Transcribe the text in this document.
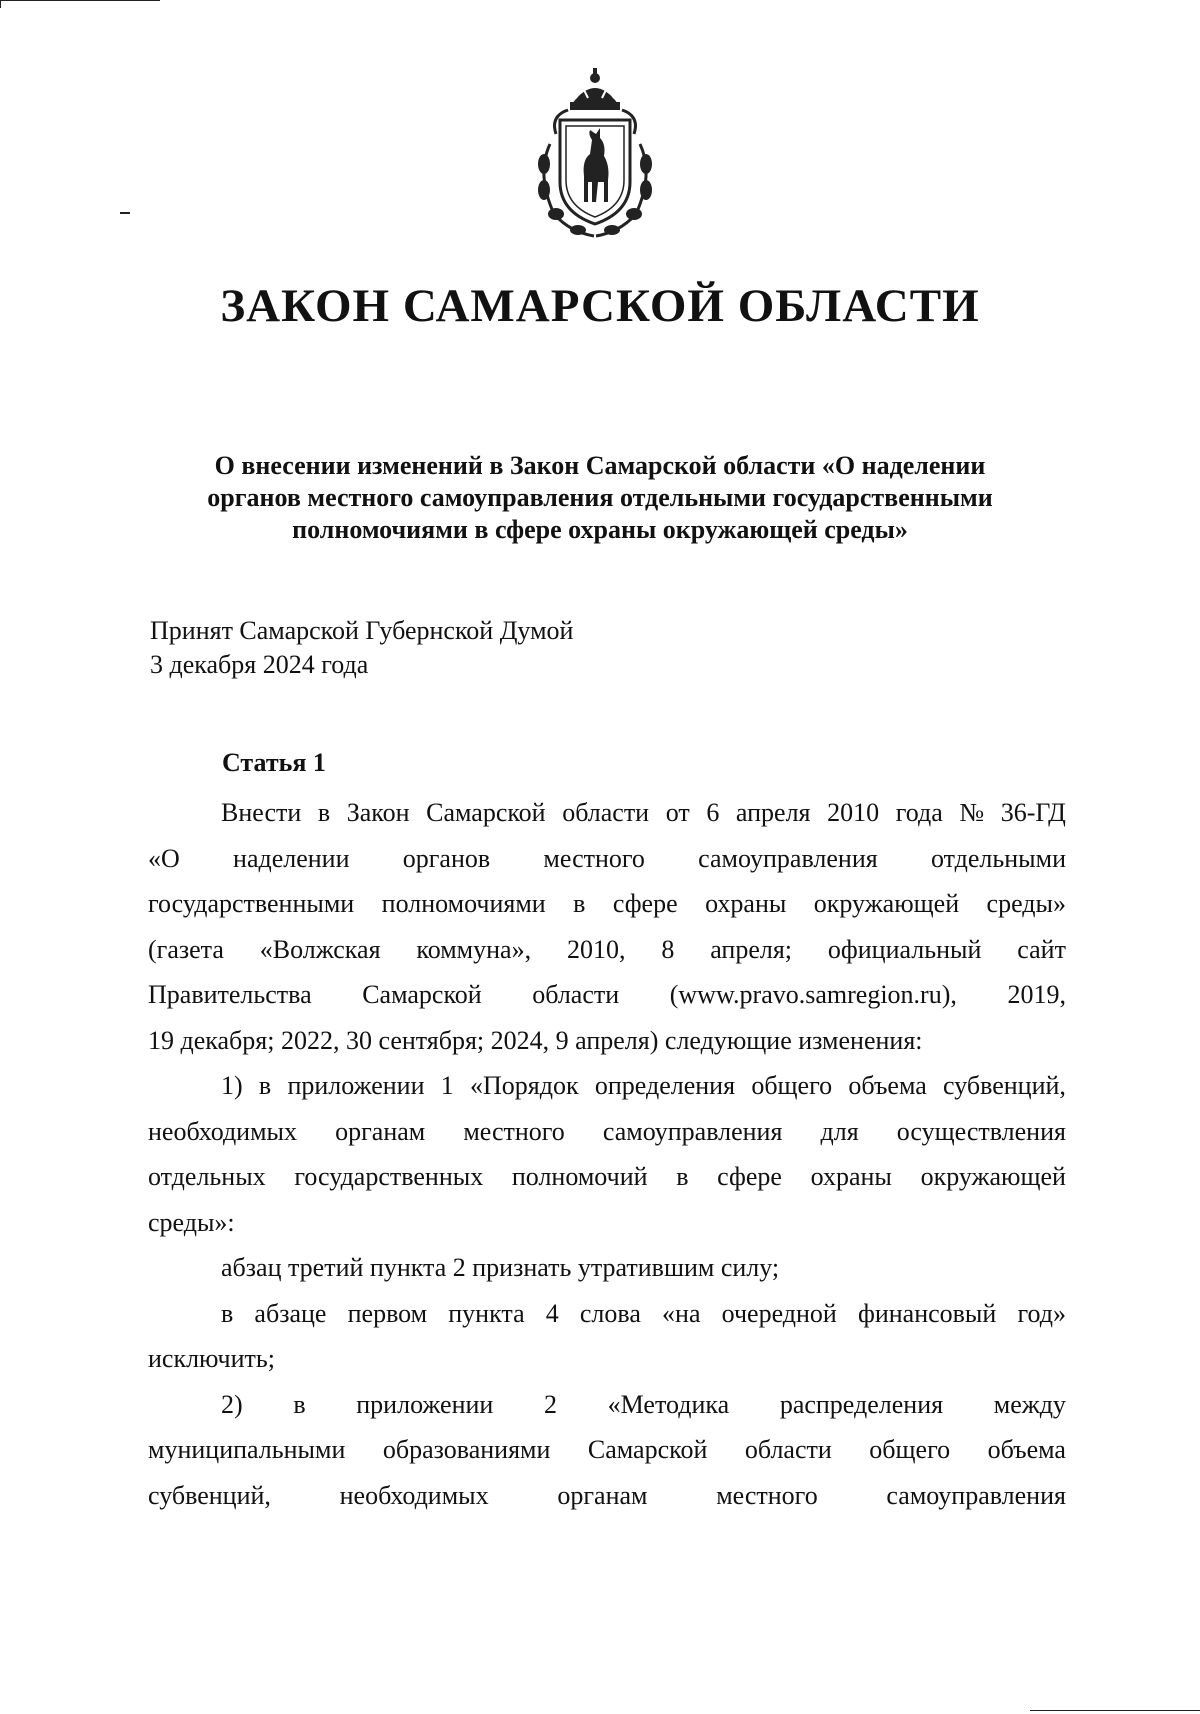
ЗАКОН САМАРСКОЙ ОБЛАСТИ
О внесении изменений в Закон Самарской области «О наделении
органов местного самоуправления отдельными государственными
полномочиями в сфере охраны окружающей среды»
Принят Самарской Губернской Думой
3 декабря 2024 года
Статья 1
Внести в Закон Самарской области от 6 апреля 2010 года № 36-ГД
«О наделении органов местного самоуправления отдельными
государственными полномочиями в сфере охраны окружающей среды»
(газета «Волжская коммуна», 2010, 8 апреля; официальный сайт
Правительства Самарской области (www.pravo.samregion.ru), 2019,
19 декабря; 2022, 30 сентября; 2024, 9 апреля) следующие изменения:
1) в приложении 1 «Порядок определения общего объема субвенций,
необходимых органам местного самоуправления для осуществления
отдельных государственных полномочий в сфере охраны окружающей
среды»:
абзац третий пункта 2 признать утратившим силу;
в абзаце первом пункта 4 слова «на очередной финансовый год»
исключить;
2) в приложении 2 «Методика распределения между
муниципальными образованиями Самарской области общего объема
субвенций,	необходимых	органам	местного	самоуправления
